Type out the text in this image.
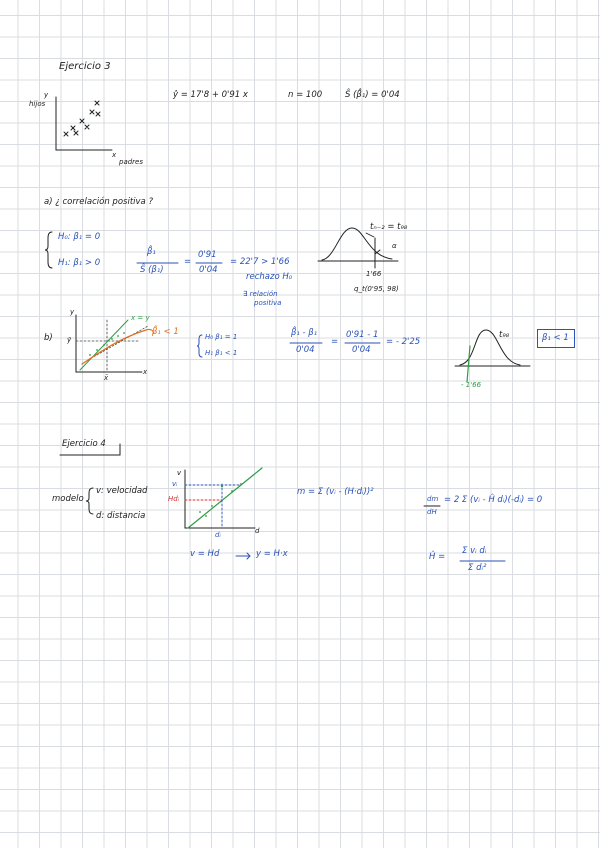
Ejercicio 3
y
hijos
x
padres
ŷ = 17'8 + 0'91 x	n = 100	Ŝ (β̂₁) = 0'04
a) ¿ correlación positiva ?
H₀: β₁ = 0
H₁: β₁ > 0
β̂₁
Ŝ (β₁)
=
0'91
0'04
= 22'7 > 1'66
rechazo H₀
∃ relación
positiva
tₙ₋₂ = t₉₈
α
1'66
q_t(0'95, 98)
b)
y
x
ȳ
x̄
x = y
β̂₁ < 1	H₀ β₁ = 1
H₁ β₁ < 1
β̂₁ - β₁
0'04
=
0'91 - 1
0'04
= - 2'25
t₉₈
- 1'66
β₁ < 1
Ejercicio 4
modelo
v: velocidad
d: distancia
v
vᵢ
Hdᵢ
d
dᵢ
v = Hd	y = H·x
m = Σ (vᵢ - (H·dᵢ))²
dm
dH
= 2 Σ (vᵢ - Ĥ dᵢ)(-dᵢ) = 0
Ĥ =
Σ vᵢ dᵢ
Σ dᵢ²
